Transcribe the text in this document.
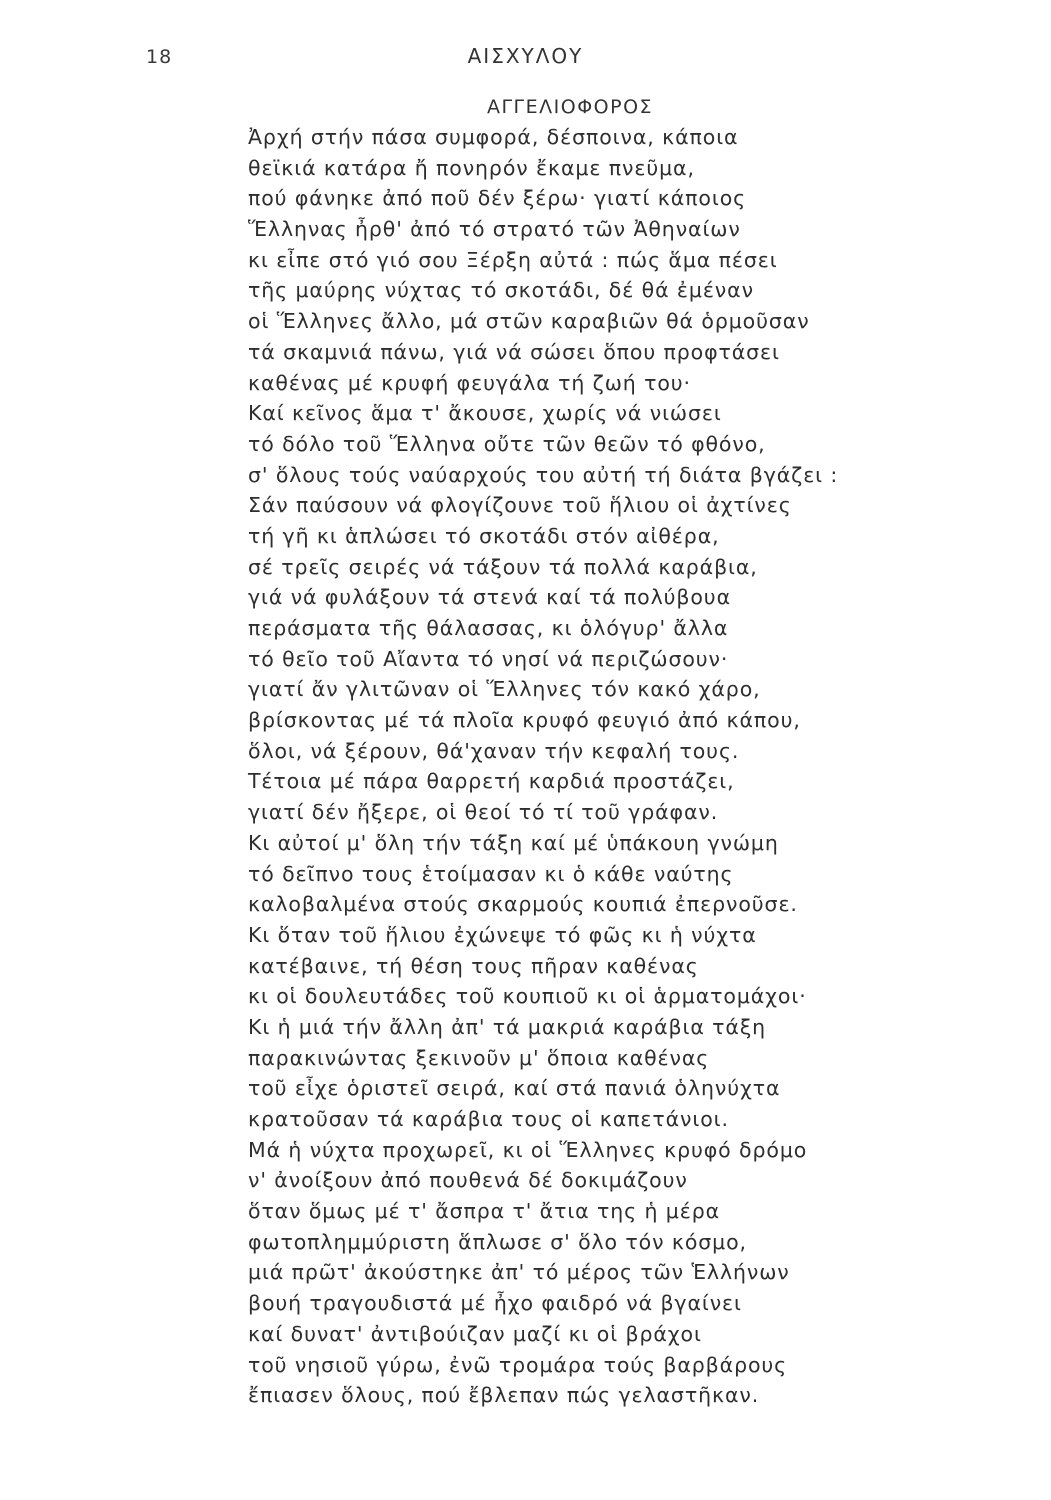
18	ΑΙΣΧΥΛΟΥ
ΑΓΓΕΛΙΟΦΟΡΟΣ
Ἀρχή στήν πάσα συμφορά, δέσποινα, κάποια
θεϊκιά κατάρα ἤ πονηρόν ἔκαμε πνεῦμα,
πού φάνηκε ἀπό ποῦ δέν ξέρω· γιατί κάποιος
Ἕλληνας ἦρθ' ἀπό τό στρατό τῶν Ἀθηναίων
κι εἶπε στό γιό σου Ξέρξη αὐτά : πώς ἅμα πέσει
τῆς μαύρης νύχτας τό σκοτάδι, δέ θά ἐμέναν
οἱ Ἕλληνες ἄλλο, μά στῶν καραβιῶν θά ὁρμοῦσαν
τά σκαμνιά πάνω, γιά νά σώσει ὅπου προφτάσει
καθένας μέ κρυφή φευγάλα τή ζωή του·
Καί κεῖνος ἅμα τ' ἄκουσε, χωρίς νά νιώσει
τό δόλο τοῦ Ἕλληνα οὔτε τῶν θεῶν τό φθόνο,
σ' ὅλους τούς ναύαρχούς του αὐτή τή διάτα βγάζει :
Σάν παύσουν νά φλογίζουνε τοῦ ἥλιου οἱ ἀχτίνες
τή γῆ κι ἁπλώσει τό σκοτάδι στόν αἰθέρα,
σέ τρεῖς σειρές νά τάξουν τά πολλά καράβια,
γιά νά φυλάξουν τά στενά καί τά πολύβουα
περάσματα τῆς θάλασσας, κι ὁλόγυρ' ἄλλα
τό θεῖο τοῦ Αἴαντα τό νησί νά περιζώσουν·
γιατί ἄν γλιτῶναν οἱ Ἕλληνες τόν κακό χάρο,
βρίσκοντας μέ τά πλοῖα κρυφό φευγιό ἀπό κάπου,
ὅλοι, νά ξέρουν, θά'χαναν τήν κεφαλή τους.
Τέτοια μέ πάρα θαρρετή καρδιά προστάζει,
γιατί δέν ἤξερε, οἱ θεοί τό τί τοῦ γράφαν.
Κι αὐτοί μ' ὅλη τήν τάξη καί μέ ὑπάκουη γνώμη
τό δεῖπνο τους ἑτοίμασαν κι ὁ κάθε ναύτης
καλοβαλμένα στούς σκαρμούς κουπιά ἐπερνοῦσε.
Κι ὅταν τοῦ ἥλιου ἐχώνεψε τό φῶς κι ἡ νύχτα
κατέβαινε, τή θέση τους πῆραν καθένας
κι οἱ δουλευτάδες τοῦ κουπιοῦ κι οἱ ἁρματομάχοι·
Κι ἡ μιά τήν ἄλλη ἀπ' τά μακριά καράβια τάξη
παρακινώντας ξεκινοῦν μ' ὅποια καθένας
τοῦ εἶχε ὁριστεῖ σειρά, καί στά πανιά ὁληνύχτα
κρατοῦσαν τά καράβια τους οἱ καπετάνιοι.
Μά ἡ νύχτα προχωρεῖ, κι οἱ Ἕλληνες κρυφό δρόμο
ν' ἀνοίξουν ἀπό πουθενά δέ δοκιμάζουν
ὅταν ὅμως μέ τ' ἄσπρα τ' ἄτια της ἡ μέρα
φωτοπλημμύριστη ἅπλωσε σ' ὅλο τόν κόσμο,
μιά πρῶτ' ἀκούστηκε ἀπ' τό μέρος τῶν Ἑλλήνων
βουή τραγουδιστά μέ ἦχο φαιδρό νά βγαίνει
καί δυνατ' ἀντιβούιζαν μαζί κι οἱ βράχοι
τοῦ νησιοῦ γύρω, ἐνῶ τρομάρα τούς βαρβάρους
ἔπιασεν ὅλους, πού ἔβλεπαν πώς γελαστῆκαν.
